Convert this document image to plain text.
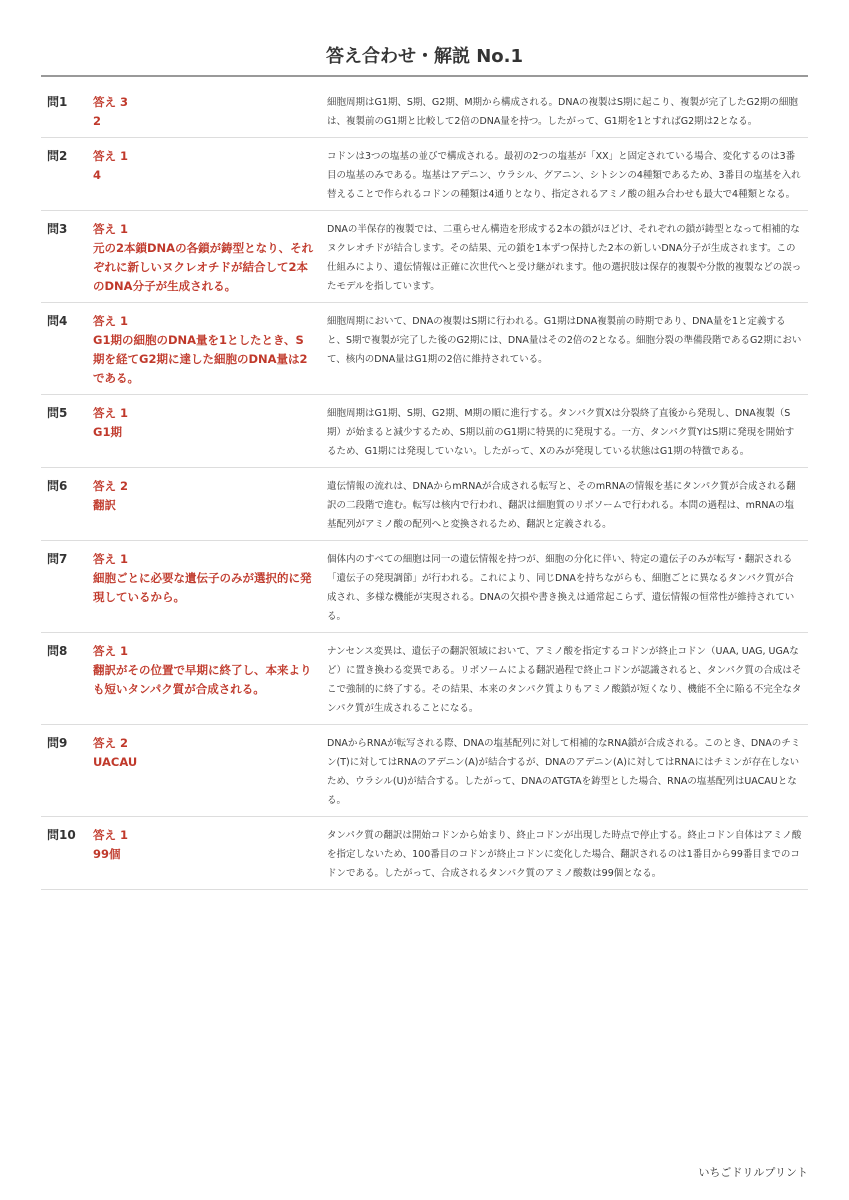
答え合わせ・解説 No.1
問1	答え 3
2
細胞周期はG1期、S期、G2期、M期から構成される。DNAの複製はS期に起こり、複製が完了したG2期の細胞は、複製前のG1期と比較して2倍のDNA量を持つ。したがって、G1期を1とすればG2期は2となる。
問2	答え 1
4
コドンは3つの塩基の並びで構成される。最初の2つの塩基が「XX」と固定されている場合、変化するのは3番目の塩基のみである。塩基はアデニン、ウラシル、グアニン、シトシンの4種類であるため、3番目の塩基を入れ替えることで作られるコドンの種類は4通りとなり、指定されるアミノ酸の組み合わせも最大で4種類となる。
問3	答え 1
元の2本鎖DNAの各鎖が鋳型となり、それぞれに新しいヌクレオチドが結合して2本のDNA分子が生成される。
DNAの半保存的複製では、二重らせん構造を形成する2本の鎖がほどけ、それぞれの鎖が鋳型となって相補的なヌクレオチドが結合します。その結果、元の鎖を1本ずつ保持した2本の新しいDNA分子が生成されます。この仕組みにより、遺伝情報は正確に次世代へと受け継がれます。他の選択肢は保存的複製や分散的複製などの誤ったモデルを指しています。
問4	答え 1
G1期の細胞のDNA量を1としたとき、S期を経てG2期に達した細胞のDNA量は2である。
細胞周期において、DNAの複製はS期に行われる。G1期はDNA複製前の時期であり、DNA量を1と定義すると、S期で複製が完了した後のG2期には、DNA量はその2倍の2となる。細胞分裂の準備段階であるG2期において、核内のDNA量はG1期の2倍に維持されている。
問5	答え 1
G1期
細胞周期はG1期、S期、G2期、M期の順に進行する。タンパク質Xは分裂終了直後から発現し、DNA複製（S期）が始まると減少するため、S期以前のG1期に特異的に発現する。一方、タンパク質YはS期に発現を開始するため、G1期には発現していない。したがって、Xのみが発現している状態はG1期の特徴である。
問6	答え 2
翻訳
遺伝情報の流れは、DNAからmRNAが合成される転写と、そのmRNAの情報を基にタンパク質が合成される翻訳の二段階で進む。転写は核内で行われ、翻訳は細胞質のリボソームで行われる。本問の過程は、mRNAの塩基配列がアミノ酸の配列へと変換されるため、翻訳と定義される。
問7	答え 1
細胞ごとに必要な遺伝子のみが選択的に発現しているから。
個体内のすべての細胞は同一の遺伝情報を持つが、細胞の分化に伴い、特定の遺伝子のみが転写・翻訳される「遺伝子の発現調節」が行われる。これにより、同じDNAを持ちながらも、細胞ごとに異なるタンパク質が合成され、多様な機能が実現される。DNAの欠損や書き換えは通常起こらず、遺伝情報の恒常性が維持されている。
問8	答え 1
翻訳がその位置で早期に終了し、本来よりも短いタンパク質が合成される。
ナンセンス変異は、遺伝子の翻訳領域において、アミノ酸を指定するコドンが終止コドン（UAA, UAG, UGAなど）に置き換わる変異である。リボソームによる翻訳過程で終止コドンが認識されると、タンパク質の合成はそこで強制的に終了する。その結果、本来のタンパク質よりもアミノ酸鎖が短くなり、機能不全に陥る不完全なタンパク質が生成されることになる。
問9	答え 2
UACAU
DNAからRNAが転写される際、DNAの塩基配列に対して相補的なRNA鎖が合成される。このとき、DNAのチミン(T)に対してはRNAのアデニン(A)が結合するが、DNAのアデニン(A)に対してはRNAにはチミンが存在しないため、ウラシル(U)が結合する。したがって、DNAのATGTAを鋳型とした場合、RNAの塩基配列はUACAUとなる。
問10	答え 1
99個
タンパク質の翻訳は開始コドンから始まり、終止コドンが出現した時点で停止する。終止コドン自体はアミノ酸を指定しないため、100番目のコドンが終止コドンに変化した場合、翻訳されるのは1番目から99番目までのコドンである。したがって、合成されるタンパク質のアミノ酸数は99個となる。
いちごドリルプリント
